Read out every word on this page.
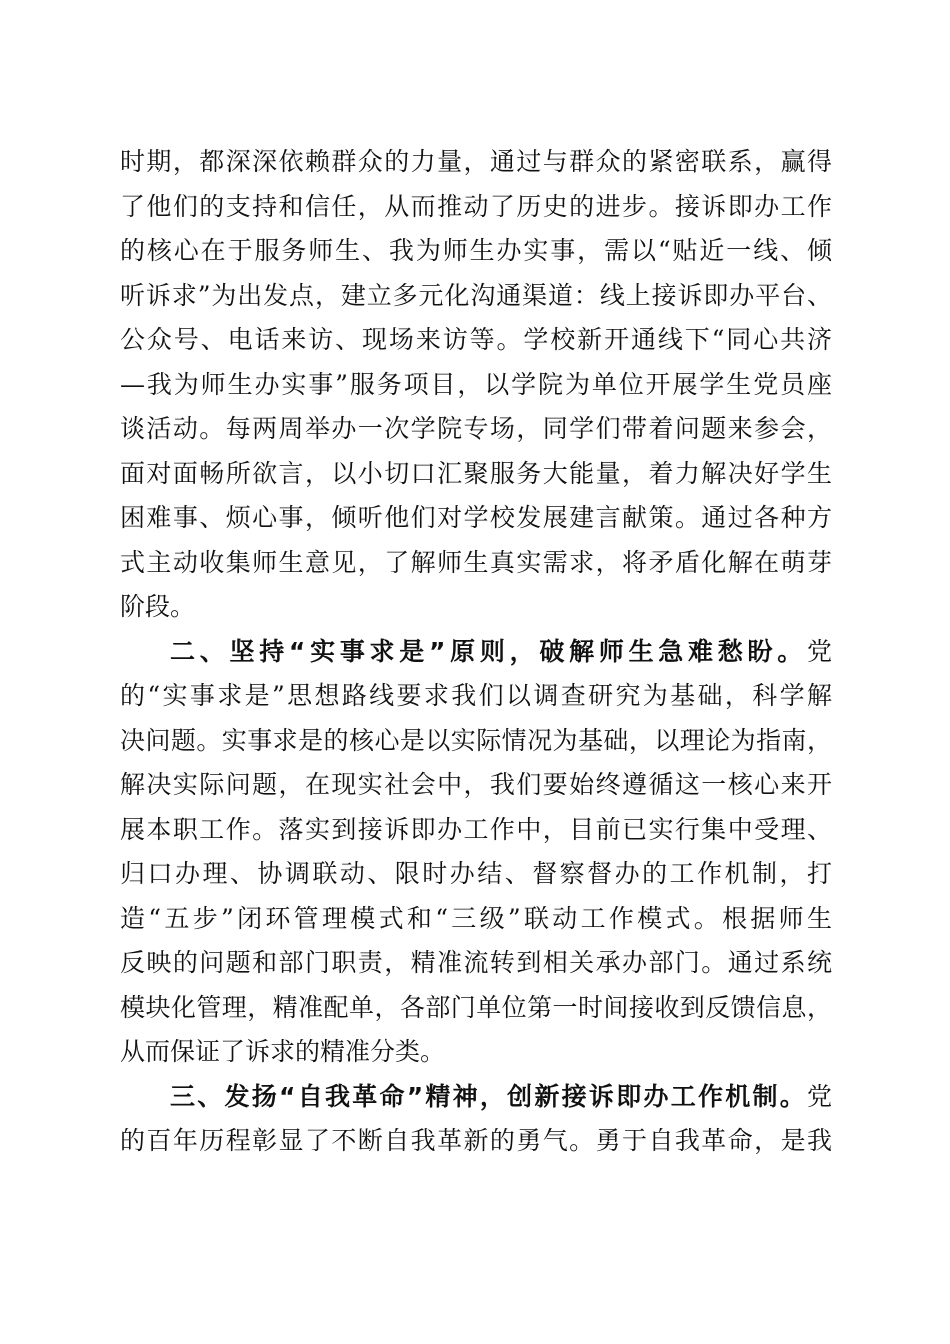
时期，都深深依赖群众的力量，通过与群众的紧密联系，赢得
了他们的支持和信任，从而推动了历史的进步。接诉即办工作
的核心在于服务师生、我为师生办实事，需以“贴近一线、倾
听诉求”为出发点，建立多元化沟通渠道：线上接诉即办平台、
公众号、电话来访、现场来访等。学校新开通线下“同心共济
—我为师生办实事”服务项目，以学院为单位开展学生党员座
谈活动。每两周举办一次学院专场，同学们带着问题来参会，
面对面畅所欲言，以小切口汇聚服务大能量，着力解决好学生
困难事、烦心事，倾听他们对学校发展建言献策。通过各种方
式主动收集师生意见，了解师生真实需求，将矛盾化解在萌芽
阶段。
二、坚持“实事求是”原则，破解师生急难愁盼。党
的“实事求是”思想路线要求我们以调查研究为基础，科学解
决问题。实事求是的核心是以实际情况为基础，以理论为指南，
解决实际问题，在现实社会中，我们要始终遵循这一核心来开
展本职工作。落实到接诉即办工作中，目前已实行集中受理、
归口办理、协调联动、限时办结、督察督办的工作机制，打
造“五步”闭环管理模式和“三级”联动工作模式。根据师生
反映的问题和部门职责，精准流转到相关承办部门。通过系统
模块化管理，精准配单，各部门单位第一时间接收到反馈信息，
从而保证了诉求的精准分类。
三、发扬“自我革命”精神，创新接诉即办工作机制。党
的百年历程彰显了不断自我革新的勇气。勇于自我革命，是我
